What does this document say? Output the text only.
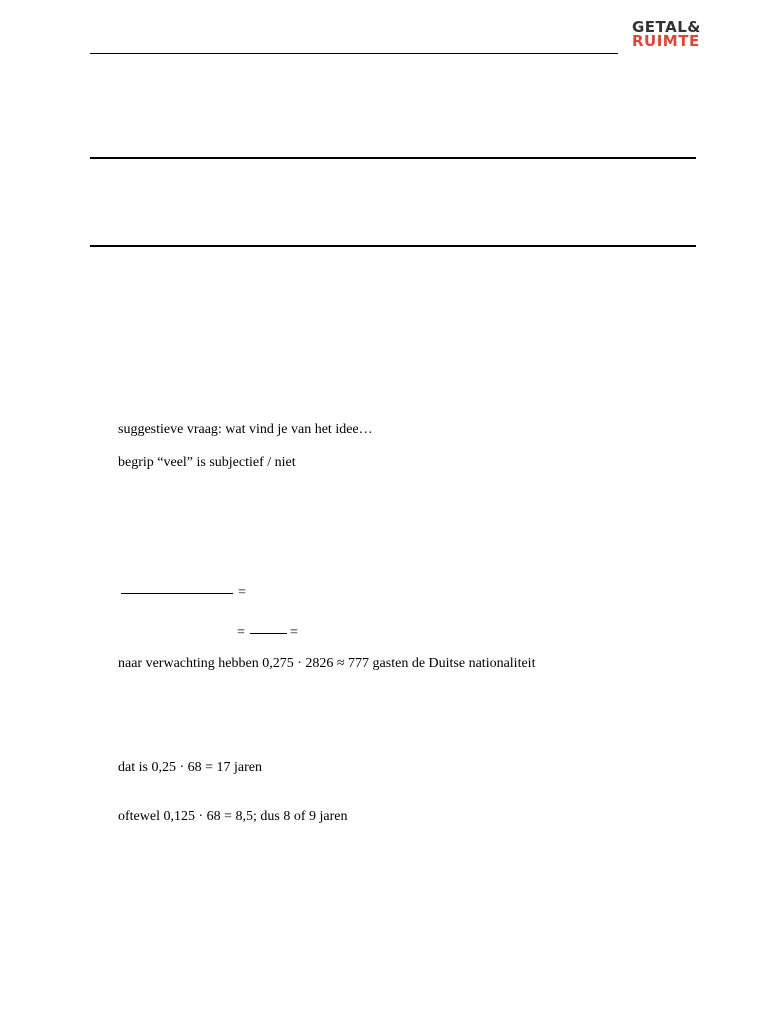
GETAL&
RUIMTE
suggestieve vraag: wat vind je van het idee…
begrip “veel” is subjectief / niet
=
=	=
naar verwachting hebben 0,275 · 2826 ≈ 777 gasten de Duitse nationaliteit
dat is 0,25 · 68 = 17 jaren
oftewel 0,125 · 68 = 8,5; dus 8 of 9 jaren
